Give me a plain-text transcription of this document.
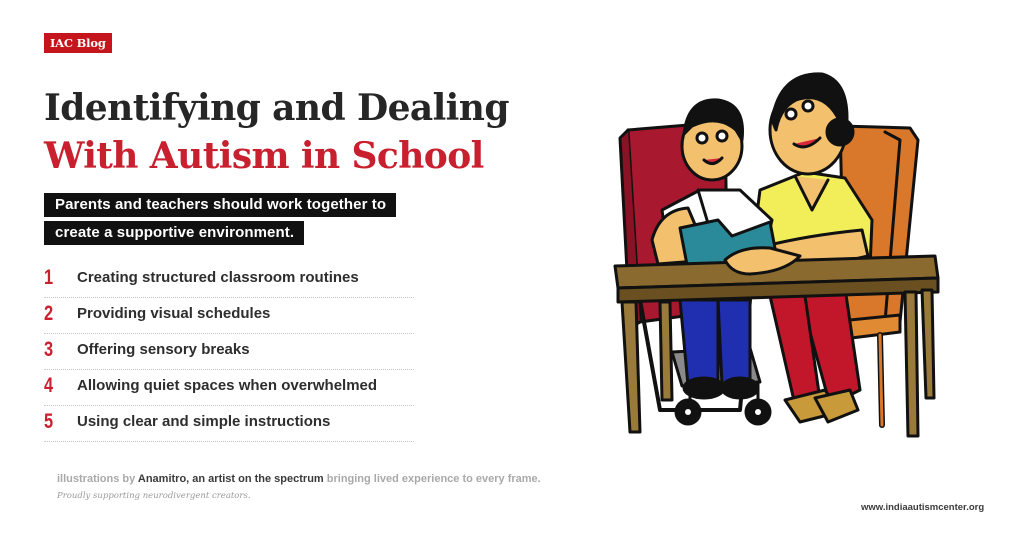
IAC Blog
Identifying and Dealing
With Autism in School
Parents and teachers should work together to
create a supportive environment.
1 Creating structured classroom routines
2 Providing visual schedules
3 Offering sensory breaks
4 Allowing quiet spaces when overwhelmed
5 Using clear and simple instructions
illustrations by Anamitro, an artist on the spectrum bringing lived experience to every frame.
Proudly supporting neurodivergent creators.
www.indiaautismcenter.org
